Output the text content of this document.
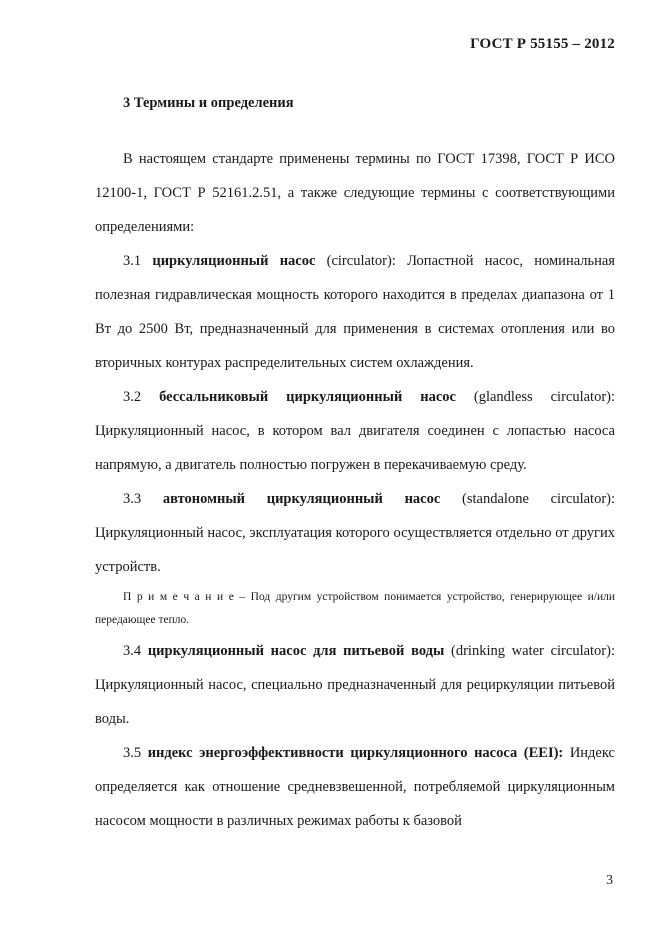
ГОСТ Р 55155 – 2012
3 Термины и определения

В настоящем стандарте применены термины по ГОСТ 17398, ГОСТ Р ИСО 12100-1, ГОСТ Р 52161.2.51, а также следующие термины с соответствующими определениями:

3.1 циркуляционный насос (circulator): Лопастной насос, номинальная полезная гидравлическая мощность которого находится в пределах диапазона от 1 Вт до 2500 Вт, предназначенный для применения в системах отопления или во вторичных контурах распределительных систем охлаждения.

3.2 бессальниковый циркуляционный насос (glandless circulator): Циркуляционный насос, в котором вал двигателя соединен с лопастью насоса напрямую, а двигатель полностью погружен в перекачиваемую среду.

3.3 автономный циркуляционный насос (standalone circulator): Циркуляционный насос, эксплуатация которого осуществляется отдельно от других устройств.

П р и м е ч а н и е – Под другим устройством понимается устройство, генерирующее и/или передающее тепло.

3.4 циркуляционный насос для питьевой воды (drinking water circulator): Циркуляционный насос, специально предназначенный для рециркуляции питьевой воды.

3.5 индекс энергоэффективности циркуляционного насоса (EEI): Индекс определяется как отношение средневзвешенной, потребляемой циркуляционным насосом мощности в различных режимах работы к базовой

3
